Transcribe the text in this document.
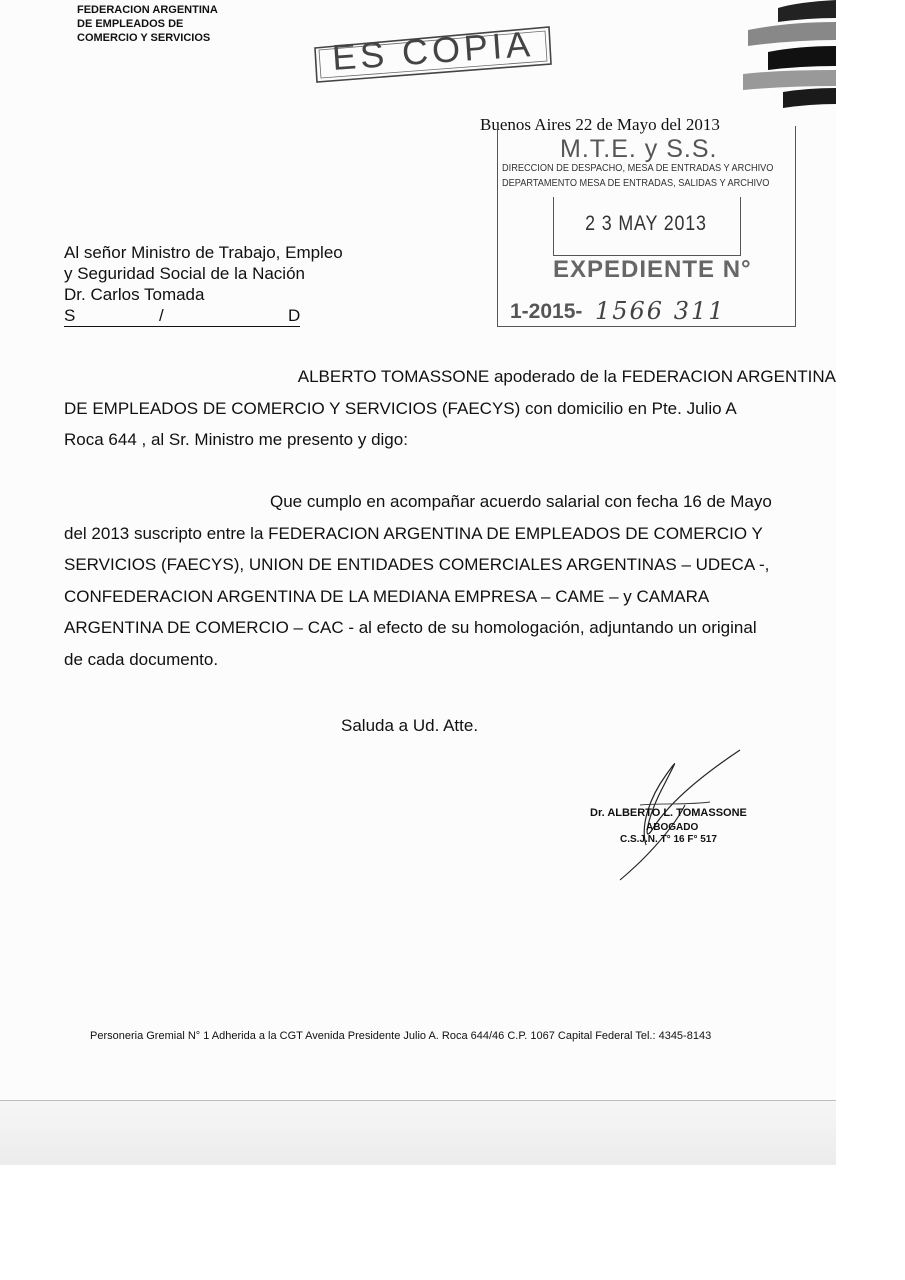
FEDERACION ARGENTINA
DE EMPLEADOS DE
COMERCIO Y SERVICIOS	ES COPIA
Buenos Aires 22 de Mayo del 2013
M.T.E. y S.S.
DIRECCION DE DESPACHO, MESA DE ENTRADAS Y ARCHIVO
DEPARTAMENTO MESA DE ENTRADAS, SALIDAS Y ARCHIVO
2 3 MAY 2013
EXPEDIENTE N°
1-2015- 1566 311
Al señor Ministro de Trabajo, Empleo
y Seguridad Social de la Nación
Dr. Carlos Tomada
S	/	D
ALBERTO TOMASSONE apoderado de la FEDERACION ARGENTINA
DE EMPLEADOS DE COMERCIO Y SERVICIOS (FAECYS) con domicilio en Pte. Julio A
Roca 644 , al Sr. Ministro me presento y digo:
Que cumplo en acompañar acuerdo salarial con fecha 16 de Mayo
del 2013 suscripto entre la FEDERACION ARGENTINA DE EMPLEADOS DE COMERCIO Y
SERVICIOS (FAECYS), UNION DE ENTIDADES COMERCIALES ARGENTINAS – UDECA -,
CONFEDERACION ARGENTINA DE LA MEDIANA EMPRESA – CAME – y CAMARA
ARGENTINA DE COMERCIO – CAC - al efecto de su homologación, adjuntando un original
de cada documento.
Saluda a Ud. Atte.
Dr. ALBERTO L. TOMASSONE
ABOGADO
C.S.J.N. T° 16 F° 517
Personeria Gremial N° 1 Adherida a la CGT Avenida Presidente Julio A. Roca 644/46 C.P. 1067 Capital Federal Tel.: 4345-8143
